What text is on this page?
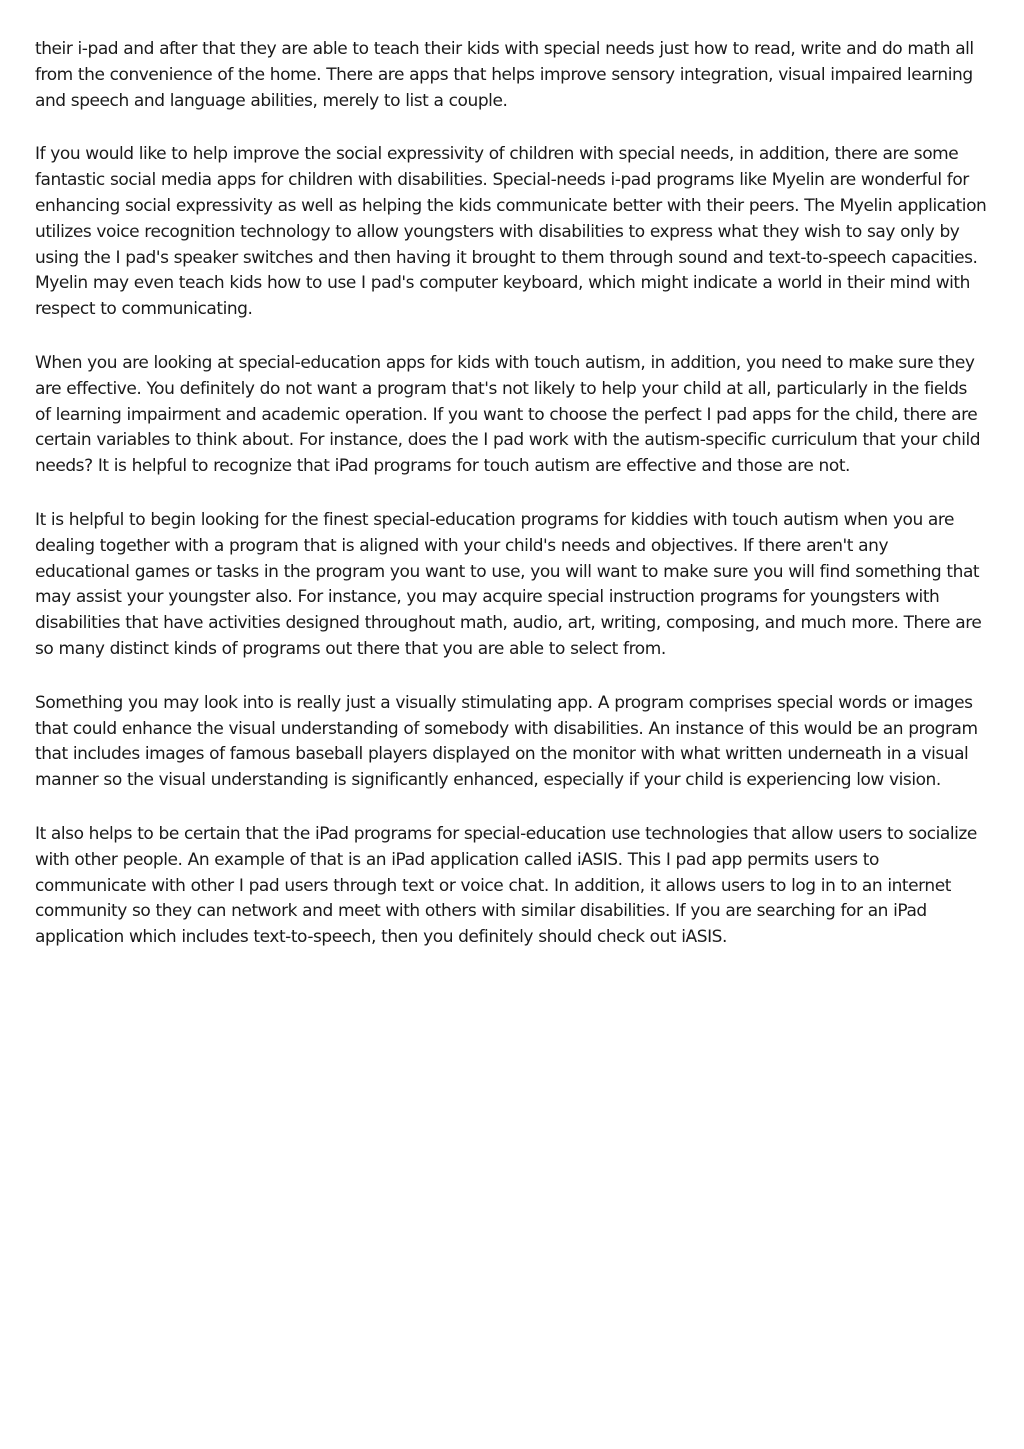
their i-pad and after that they are able to teach their kids with special needs just how to read, write and do math all from the convenience of the home. There are apps that helps improve sensory integration, visual impaired learning and speech and language abilities, merely to list a couple.

If you would like to help improve the social expressivity of children with special needs, in addition, there are some fantastic social media apps for children with disabilities. Special-needs i-pad programs like Myelin are wonderful for enhancing social expressivity as well as helping the kids communicate better with their peers. The Myelin application utilizes voice recognition technology to allow youngsters with disabilities to express what they wish to say only by using the I pad's speaker switches and then having it brought to them through sound and text-to-speech capacities. Myelin may even teach kids how to use I pad's computer keyboard, which might indicate a world in their mind with respect to communicating.

When you are looking at special-education apps for kids with touch autism, in addition, you need to make sure they are effective. You definitely do not want a program that's not likely to help your child at all, particularly in the fields of learning impairment and academic operation. If you want to choose the perfect I pad apps for the child, there are certain variables to think about. For instance, does the I pad work with the autism-specific curriculum that your child needs? It is helpful to recognize that iPad programs for touch autism are effective and those are not.

It is helpful to begin looking for the finest special-education programs for kiddies with touch autism when you are dealing together with a program that is aligned with your child's needs and objectives. If there aren't any educational games or tasks in the program you want to use, you will want to make sure you will find something that may assist your youngster also. For instance, you may acquire special instruction programs for youngsters with disabilities that have activities designed throughout math, audio, art, writing, composing, and much more. There are so many distinct kinds of programs out there that you are able to select from.

Something you may look into is really just a visually stimulating app. A program comprises special words or images that could enhance the visual understanding of somebody with disabilities. An instance of this would be an program that includes images of famous baseball players displayed on the monitor with what written underneath in a visual manner so the visual understanding is significantly enhanced, especially if your child is experiencing low vision.

It also helps to be certain that the iPad programs for special-education use technologies that allow users to socialize with other people. An example of that is an iPad application called iASIS. This I pad app permits users to communicate with other I pad users through text or voice chat. In addition, it allows users to log in to an internet community so they can network and meet with others with similar disabilities. If you are searching for an iPad application which includes text-to-speech, then you definitely should check out iASIS.
